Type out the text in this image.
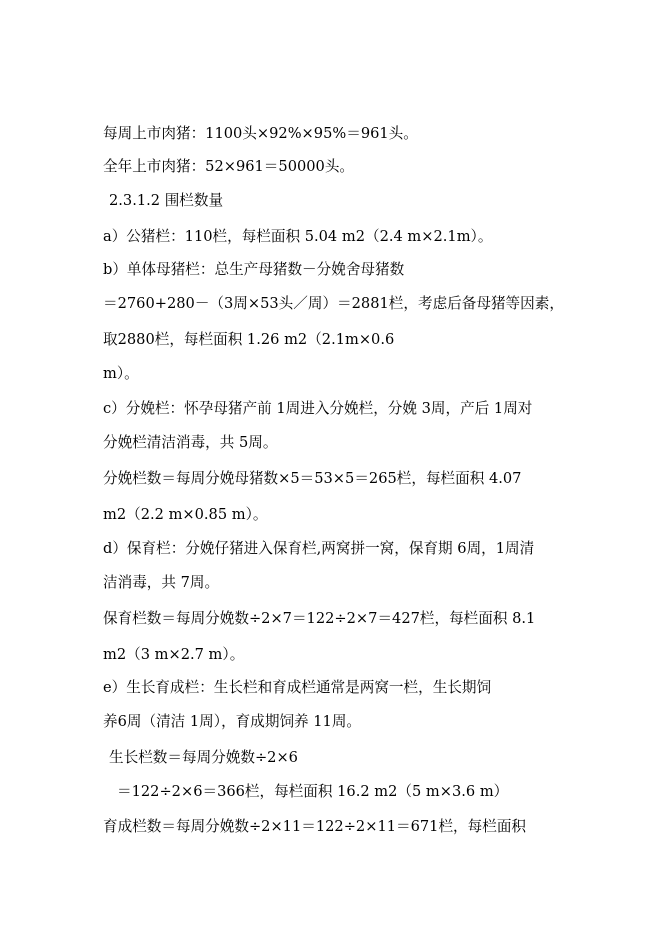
每周上市肉猪：1100头×92%×95%＝961头。
全年上市肉猪：52×961＝50000头。
2.3.1.2 围栏数量
a）公猪栏：110栏，每栏面积 5.04 m2（2.4 m×2.1m）。
b）单体母猪栏：总生产母猪数－分娩舍母猪数
＝2760+280－（3周×53头／周）＝2881栏，考虑后备母猪等因素，
取2880栏，每栏面积 1.26 m2（2.1m×0.6
m）。
c）分娩栏：怀孕母猪产前 1周进入分娩栏，分娩 3周，产后 1周对
分娩栏清洁消毒，共 5周。
分娩栏数＝每周分娩母猪数×5＝53×5＝265栏，每栏面积 4.07
m2（2.2 m×0.85 m）。
d）保育栏：分娩仔猪进入保育栏,两窝拼一窝，保育期 6周，1周清
洁消毒，共 7周。
保育栏数＝每周分娩数÷2×7＝122÷2×7＝427栏，每栏面积 8.1
m2（3 m×2.7 m）。
e）生长育成栏：生长栏和育成栏通常是两窝一栏，生长期饲
养6周（清洁 1周），育成期饲养 11周。
生长栏数＝每周分娩数÷2×6
＝122÷2×6＝366栏，每栏面积 16.2 m2（5 m×3.6 m）
育成栏数＝每周分娩数÷2×11＝122÷2×11＝671栏，每栏面积
